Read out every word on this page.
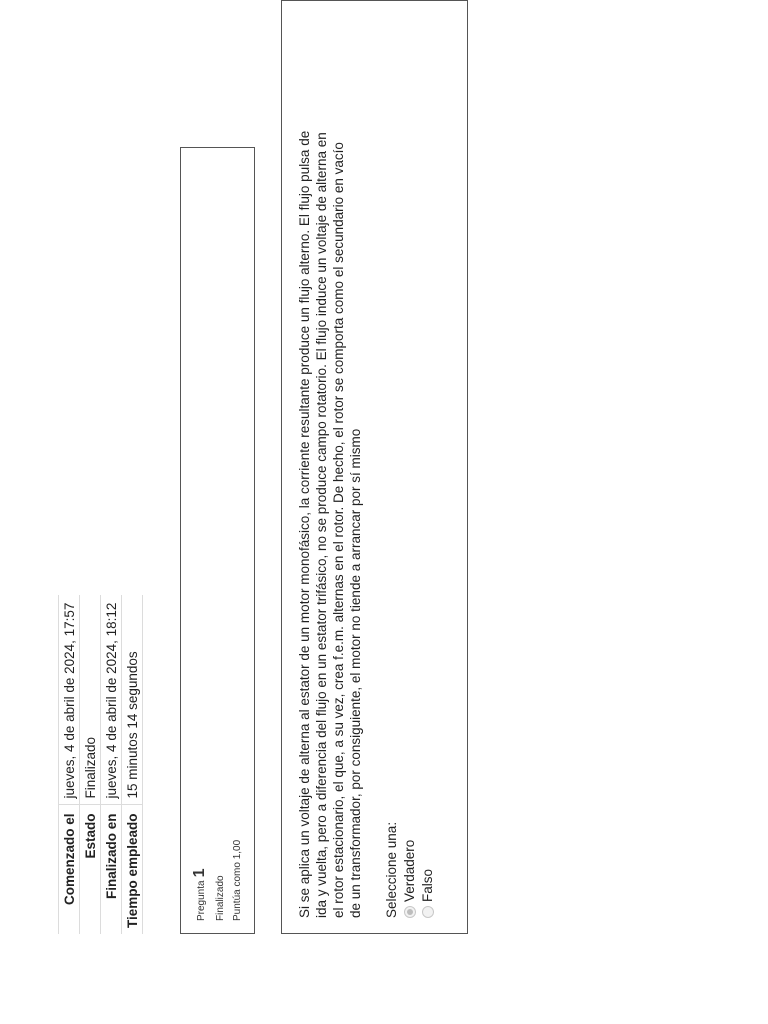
Comenzado el	jueves, 4 de abril de 2024, 17:57
Estado	Finalizado
Finalizado en	jueves, 4 de abril de 2024, 18:12
Tiempo empleado	15 minutos 14 segundos
Pregunta1
Finalizado Puntúa como 1,00	Si se aplica un voltaje de alterna al estator de un motor monofásico, la corriente resultante produce un flujo alterno. El flujo pulsa de ida y vuelta, pero a diferencia del flujo en un estator trifásico, no se produce campo rotatorio. El flujo induce un voltaje de alterna en el rotor estacionario, el que, a su vez, crea f.e.m. alternas en el rotor. De hecho, el rotor se comporta como el secundario en vacío de un transformador, por consiguiente, el motor no tiende a arrancar por sí mismo Seleccione una: Verdadero Falso
